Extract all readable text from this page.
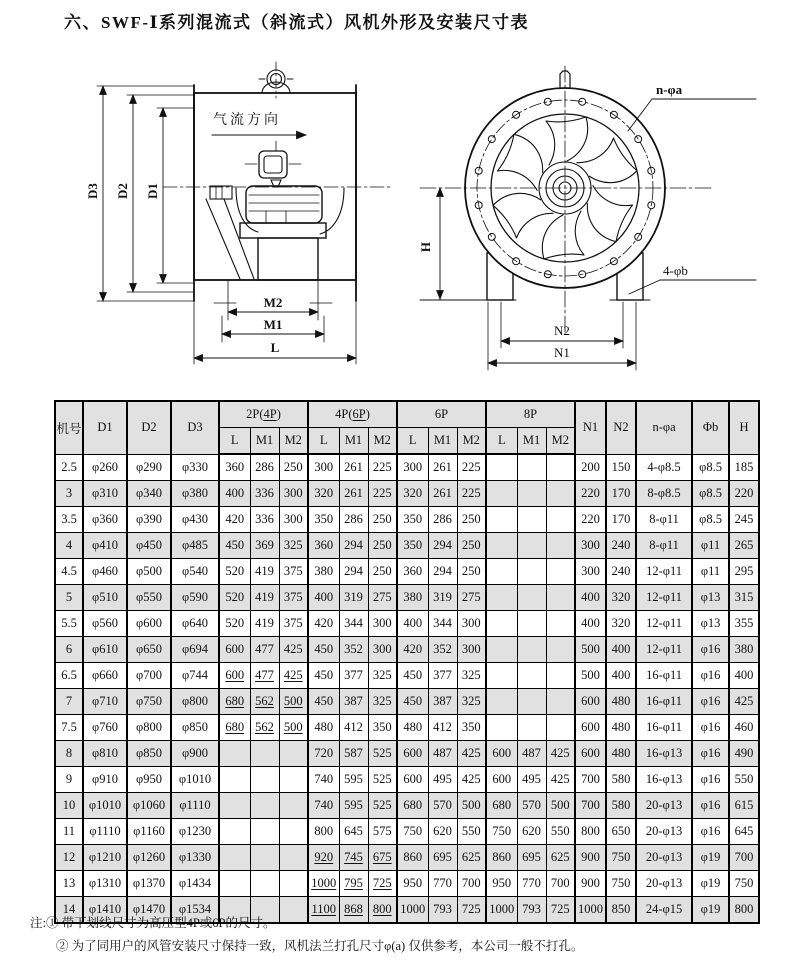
六、SWF-Ⅰ系列混流式（斜流式）风机外形及安装尺寸表
气流方向
D3 D2 D1
M2
M1
L
n-φa
4-φb
H
N2
N1
机号	D1	D2	D3	2P(4P)			4P(6P)			6P			8P			N1	N2	n-φa	Φb	H
				L	M1	M2	L	M1	M2	L	M1	M2	L	M1	M2					
2.5	φ260	φ290	φ330	360	286	250	300	261	225	300	261	225				200	150	4-φ8.5	φ8.5	185
3	φ310	φ340	φ380	400	336	300	320	261	225	320	261	225				220	170	8-φ8.5	φ8.5	220
3.5	φ360	φ390	φ430	420	336	300	350	286	250	350	286	250				220	170	8-φ11	φ8.5	245
4	φ410	φ450	φ485	450	369	325	360	294	250	350	294	250				300	240	8-φ11	φ11	265
4.5	φ460	φ500	φ540	520	419	375	380	294	250	360	294	250				300	240	12-φ11	φ11	295
5	φ510	φ550	φ590	520	419	375	400	319	275	380	319	275				400	320	12-φ11	φ13	315
5.5	φ560	φ600	φ640	520	419	375	420	344	300	400	344	300				400	320	12-φ11	φ13	355
6	φ610	φ650	φ694	600	477	425	450	352	300	420	352	300				500	400	12-φ11	φ16	380
6.5	φ660	φ700	φ744	600	477	425	450	377	325	450	377	325				500	400	16-φ11	φ16	400
7	φ710	φ750	φ800	680	562	500	450	387	325	450	387	325				600	480	16-φ11	φ16	425
7.5	φ760	φ800	φ850	680	562	500	480	412	350	480	412	350				600	480	16-φ11	φ16	460
8	φ810	φ850	φ900				720	587	525	600	487	425	600	487	425	600	480	16-φ13	φ16	490
9	φ910	φ950	φ1010				740	595	525	600	495	425	600	495	425	700	580	16-φ13	φ16	550
10	φ1010	φ1060	φ1110				740	595	525	680	570	500	680	570	500	700	580	20-φ13	φ16	615
11	φ1110	φ1160	φ1230				800	645	575	750	620	550	750	620	550	800	650	20-φ13	φ16	645
12	φ1210	φ1260	φ1330				920	745	675	860	695	625	860	695	625	900	750	20-φ13	φ19	700
13	φ1310	φ1370	φ1434				1000	795	725	950	770	700	950	770	700	900	750	20-φ13	φ19	750
14	φ1410	φ1470	φ1534				1100	868	800	1000	793	725	1000	793	725	1000	850	24-φ15	φ19	800
注:① 带下划线尺寸为高压型4P或6P的尺寸。
② 为了同用户的风管安装尺寸保持一致，风机法兰打孔尺寸φ(a) 仅供参考，本公司一般不打孔。
